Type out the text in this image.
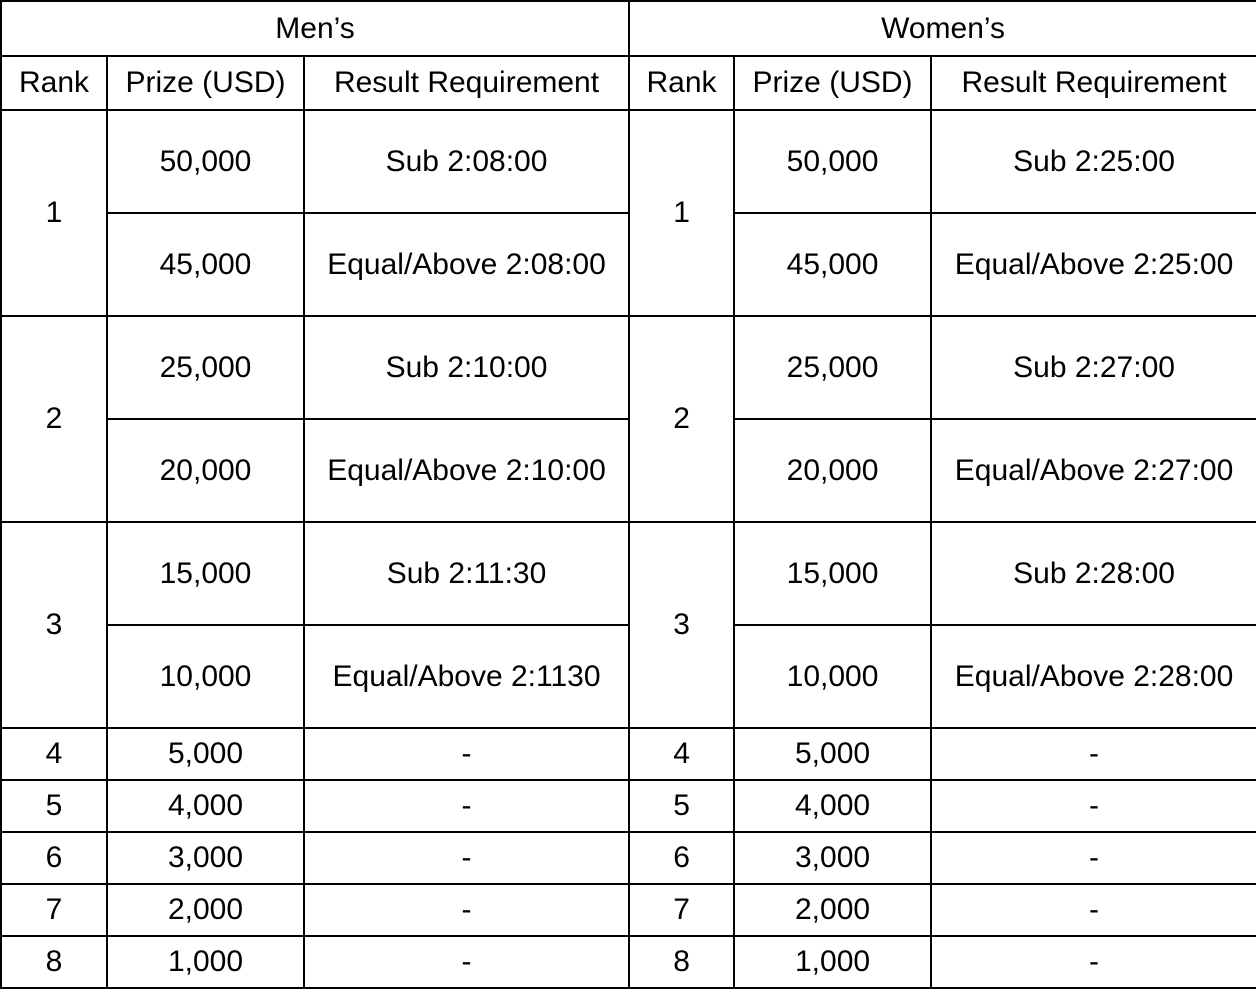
Men’s			Women’s		
Rank	Prize (USD)	Result Requirement	Rank	Prize (USD)	Result Requirement
1	50,000	Sub 2:08:00	1	50,000	Sub 2:25:00
	45,000	Equal/Above 2:08:00		45,000	Equal/Above 2:25:00
2	25,000	Sub 2:10:00	2	25,000	Sub 2:27:00
	20,000	Equal/Above 2:10:00		20,000	Equal/Above 2:27:00
3	15,000	Sub 2:11:30	3	15,000	Sub 2:28:00
	10,000	Equal/Above 2:1130		10,000	Equal/Above 2:28:00
4	5,000	-	4	5,000	-
5	4,000	-	5	4,000	-
6	3,000	-	6	3,000	-
7	2,000	-	7	2,000	-
8	1,000	-	8	1,000	-
